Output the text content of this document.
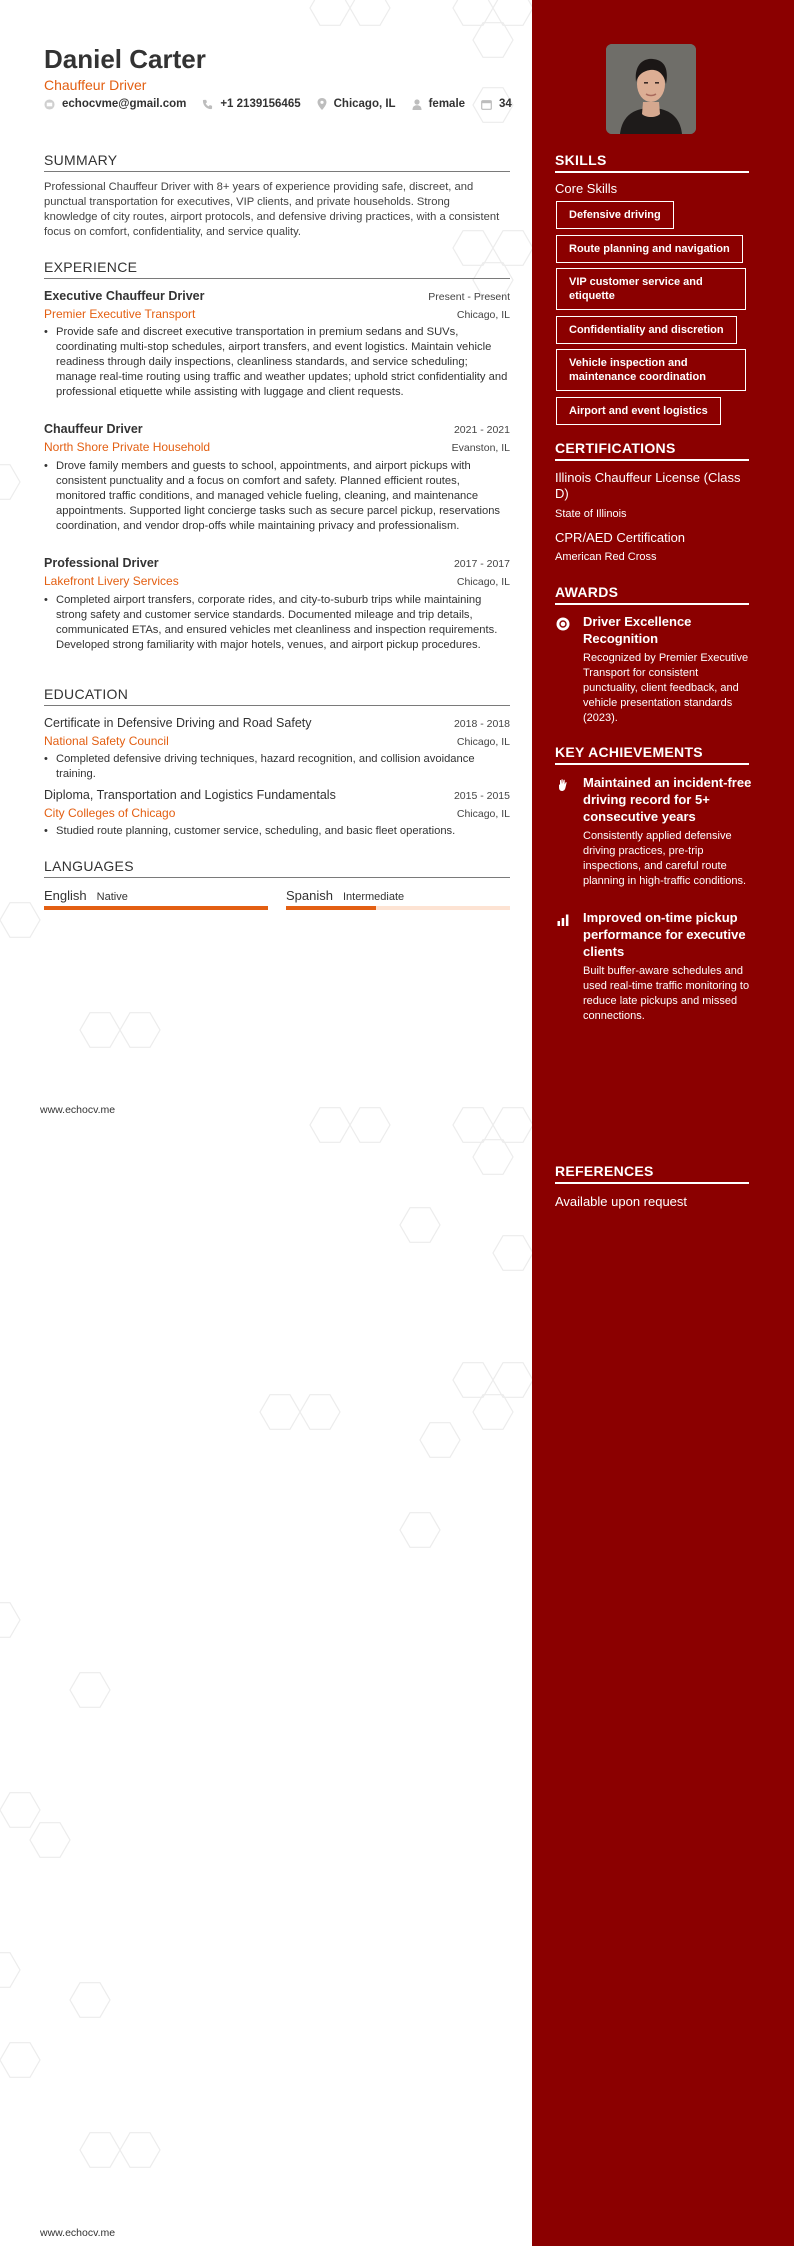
Daniel Carter
Chauffeur Driver
echocvme@gmail.com	+1 2139156465	Chicago, IL	female	34
SUMMARY
Professional Chauffeur Driver with 8+ years of experience providing safe, discreet, and punctual transportation for executives, VIP clients, and private households. Strong knowledge of city routes, airport protocols, and defensive driving practices, with a consistent focus on comfort, confidentiality, and service quality.
EXPERIENCE
Executive Chauffeur Driver	Present - Present
Premier Executive Transport	Chicago, IL
• Provide safe and discreet executive transportation in premium sedans and SUVs, coordinating multi-stop schedules, airport transfers, and event logistics. Maintain vehicle readiness through daily inspections, cleanliness standards, and service scheduling; manage real-time routing using traffic and weather updates; uphold strict confidentiality and professional etiquette while assisting with luggage and client requests.
Chauffeur Driver	2021 - 2021
North Shore Private Household	Evanston, IL
• Drove family members and guests to school, appointments, and airport pickups with consistent punctuality and a focus on comfort and safety. Planned efficient routes, monitored traffic conditions, and managed vehicle fueling, cleaning, and maintenance appointments. Supported light concierge tasks such as secure parcel pickup, reservations coordination, and vendor drop-offs while maintaining privacy and professionalism.
Professional Driver	2017 - 2017
Lakefront Livery Services	Chicago, IL
• Completed airport transfers, corporate rides, and city-to-suburb trips while maintaining strong safety and customer service standards. Documented mileage and trip details, communicated ETAs, and ensured vehicles met cleanliness and inspection requirements. Developed strong familiarity with major hotels, venues, and airport pickup procedures.
EDUCATION
Certificate in Defensive Driving and Road Safety	2018 - 2018
National Safety Council	Chicago, IL
• Completed defensive driving techniques, hazard recognition, and collision avoidance training.
Diploma, Transportation and Logistics Fundamentals	2015 - 2015
City Colleges of Chicago	Chicago, IL
• Studied route planning, customer service, scheduling, and basic fleet operations.
LANGUAGES
English Native	Spanish Intermediate
www.echocv.me
www.echocv.me
SKILLS
Core Skills
Defensive driving
Route planning and navigation
VIP customer service and etiquette
Confidentiality and discretion
Vehicle inspection and maintenance coordination
Airport and event logistics
CERTIFICATIONS
Illinois Chauffeur License (Class D)
State of Illinois
CPR/AED Certification
American Red Cross
AWARDS
Driver Excellence Recognition
Recognized by Premier Executive Transport for consistent punctuality, client feedback, and vehicle presentation standards (2023).
KEY ACHIEVEMENTS
Maintained an incident-free driving record for 5+ consecutive years
Consistently applied defensive driving practices, pre-trip inspections, and careful route planning in high-traffic conditions.
Improved on-time pickup performance for executive clients
Built buffer-aware schedules and used real-time traffic monitoring to reduce late pickups and missed connections.
REFERENCES
Available upon request
